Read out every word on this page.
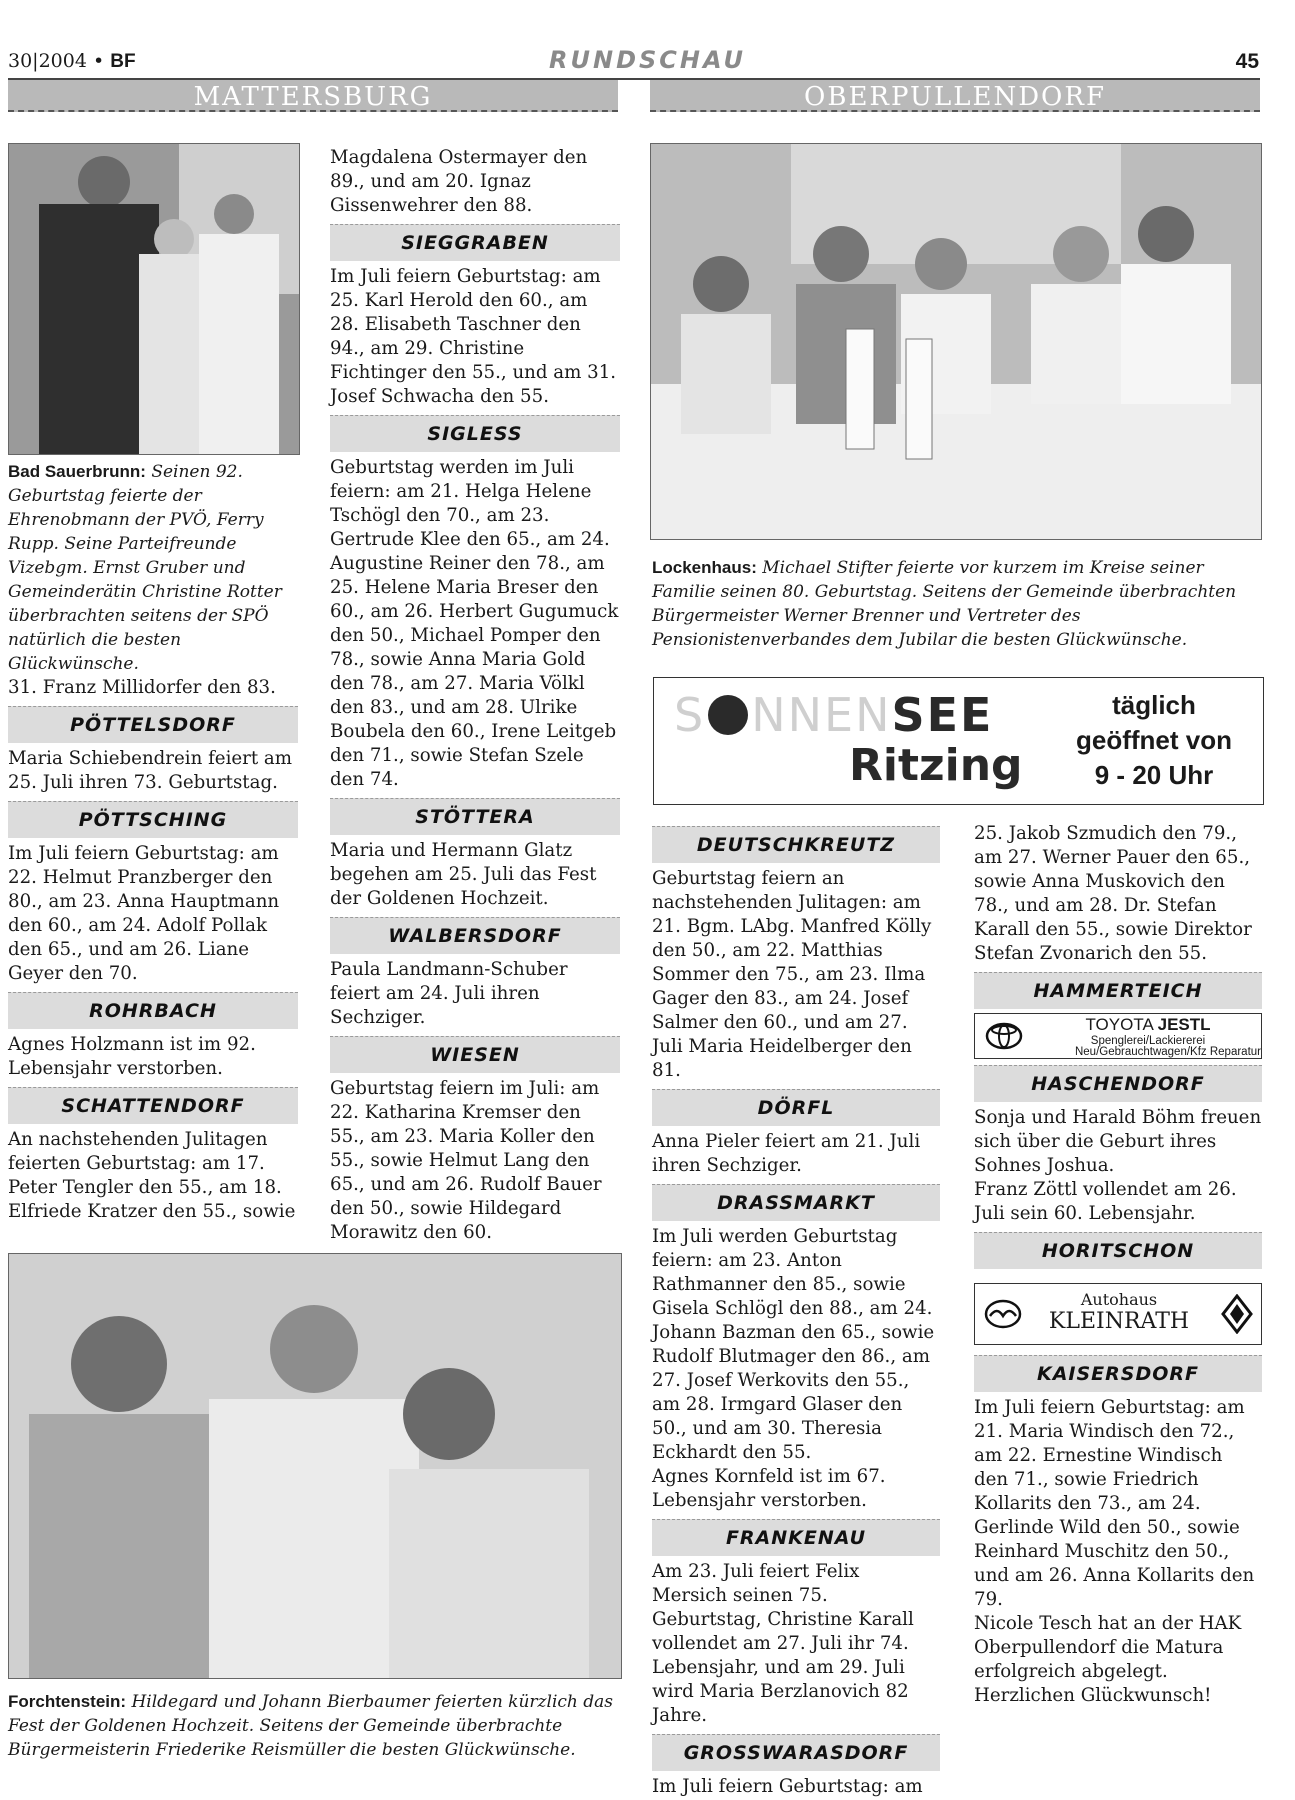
30|2004 • BF	RUNDSCHAU	45
MATTERSBURG	OBERPULLENDORF
Bad Sauerbrunn: Seinen 92. Geburtstag feierte der Ehrenobmann der PVÖ, Ferry Rupp. Seine Parteifreunde Vizebgm. Ernst Gruber und Gemeinderätin Christine Rotter überbrachten seitens der SPÖ natürlich die besten Glückwünsche.

31. Franz Millidorfer den 83.

PÖTTELSDORF

Maria Schiebendrein feiert am 25. Juli ihren 73. Geburtstag.

PÖTTSCHING

Im Juli feiern Geburtstag: am 22. Helmut Pranzberger den 80., am 23. Anna Hauptmann den 60., am 24. Adolf Pollak den 65., und am 26. Liane Geyer den 70.

ROHRBACH

Agnes Holzmann ist im 92. Lebensjahr verstorben.

SCHATTENDORF

An nachstehenden Julitagen feierten Geburtstag: am 17. Peter Tengler den 55., am 18. Elfriede Kratzer den 55., sowie

Magdalena Ostermayer den 89., und am 20. Ignaz Gissenwehrer den 88.

SIEGGRABEN

Im Juli feiern Geburtstag: am 25. Karl Herold den 60., am 28. Elisabeth Taschner den 94., am 29. Christine Fichtinger den 55., und am 31. Josef Schwacha den 55.

SIGLESS

Geburtstag werden im Juli feiern: am 21. Helga Helene Tschögl den 70., am 23. Gertrude Klee den 65., am 24. Augustine Reiner den 78., am 25. Helene Maria Breser den 60., am 26. Herbert Gugumuck den 50., Michael Pomper den 78., sowie Anna Maria Gold den 78., am 27. Maria Völkl den 83., und am 28. Ulrike Boubela den 60., Irene Leitgeb den 71., sowie Stefan Szele den 74.

STÖTTERA

Maria und Hermann Glatz begehen am 25. Juli das Fest der Goldenen Hochzeit.

WALBERSDORF

Paula Landmann-Schuber feiert am 24. Juli ihren Sechziger.

WIESEN

Geburtstag feiern im Juli: am 22. Katharina Kremser den 55., am 23. Maria Koller den 55., sowie Helmut Lang den 65., und am 26. Rudolf Bauer den 50., sowie Hildegard Morawitz den 60.

Forchtenstein: Hildegard und Johann Bierbaumer feierten kürzlich das Fest der Goldenen Hochzeit. Seitens der Gemeinde überbrachte Bürgermeisterin Friederike Reismüller die besten Glückwünsche.
Lockenhaus: Michael Stifter feierte vor kurzem im Kreise seiner Familie seinen 80. Geburtstag. Seitens der Gemeinde überbrachten Bürgermeister Werner Brenner und Vertreter des Pensionistenverbandes dem Jubilar die besten Glückwünsche.
S NNENSEE
Ritzing
täglich
geöffnet von
9 - 20 Uhr
DEUTSCHKREUTZ

Geburtstag feiern an nachstehenden Julitagen: am 21. Bgm. LAbg. Manfred Kölly den 50., am 22. Matthias Sommer den 75., am 23. Ilma Gager den 83., am 24. Josef Salmer den 60., und am 27. Juli Maria Heidelberger den 81.

DÖRFL

Anna Pieler feiert am 21. Juli ihren Sechziger.

DRASSMARKT

Im Juli werden Geburtstag feiern: am 23. Anton Rathmanner den 85., sowie Gisela Schlögl den 88., am 24. Johann Bazman den 65., sowie Rudolf Blutmager den 86., am 27. Josef Werkovits den 55., am 28. Irmgard Glaser den 50., und am 30. Theresia Eckhardt den 55.

Agnes Kornfeld ist im 67. Lebensjahr verstorben.

FRANKENAU

Am 23. Juli feiert Felix Mersich seinen 75. Geburtstag, Christine Karall vollendet am 27. Juli ihr 74. Lebensjahr, und am 29. Juli wird Maria Berzlanovich 82 Jahre.

GROSSWARASDORF

Im Juli feiern Geburtstag: am

25. Jakob Szmudich den 79., am 27. Werner Pauer den 65., sowie Anna Muskovich den 78., und am 28. Dr. Stefan Karall den 55., sowie Direktor Stefan Zvonarich den 55.

HAMMERTEICH
TOYOTA JESTL
Spenglerei/Lackiererei
Neu/Gebrauchtwagen/Kfz Reparatur
HASCHENDORF

Sonja und Harald Böhm freuen sich über die Geburt ihres Sohnes Joshua.

Franz Zöttl vollendet am 26. Juli sein 60. Lebensjahr.

HORITSCHON
Autohaus
KLEINRATH
KAISERSDORF

Im Juli feiern Geburtstag: am 21. Maria Windisch den 72., am 22. Ernestine Windisch den 71., sowie Friedrich Kollarits den 73., am 24. Gerlinde Wild den 50., sowie Reinhard Muschitz den 50., und am 26. Anna Kollarits den 79.

Nicole Tesch hat an der HAK Oberpullendorf die Matura erfolgreich abgelegt. Herzlichen Glückwunsch!
